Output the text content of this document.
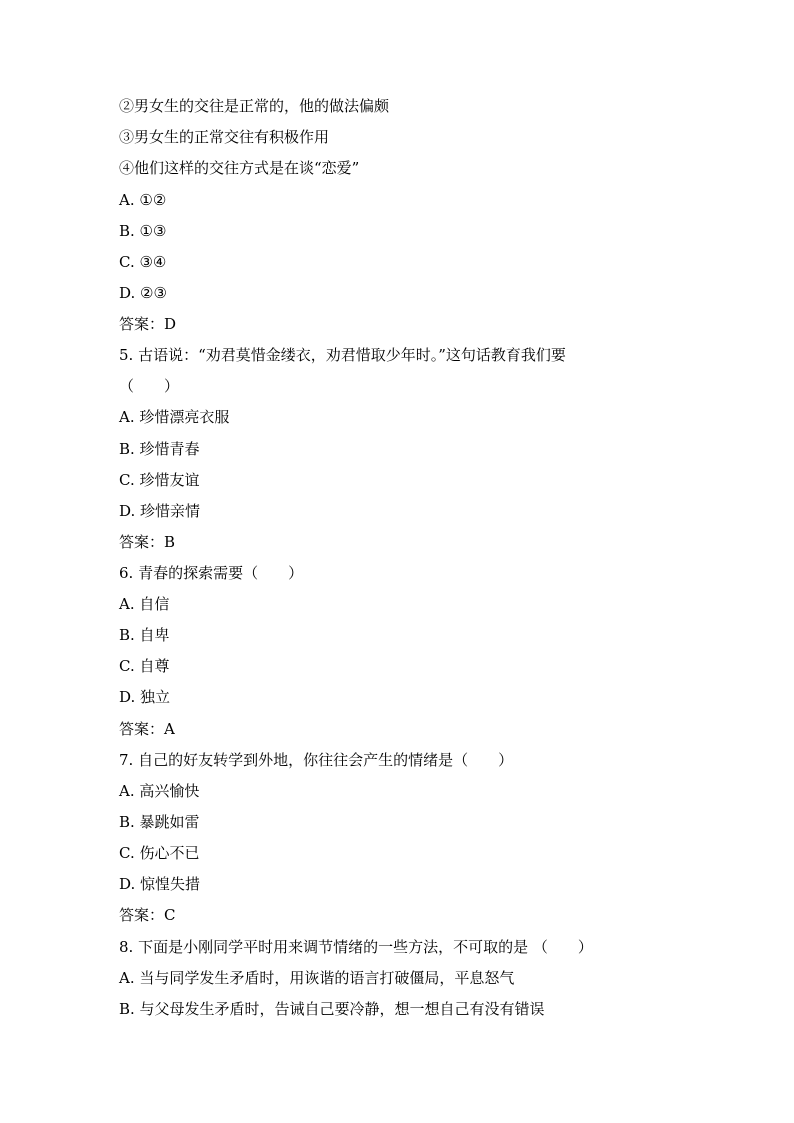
②男女生的交往是正常的，他的做法偏颇
③男女生的正常交往有积极作用
④他们这样的交往方式是在谈“恋爱”
A. ①②
B. ①③
C. ③④
D. ②③
答案：D
5. 古语说：“劝君莫惜金缕衣，劝君惜取少年时。”这句话教育我们要
（　　）
A. 珍惜漂亮衣服
B. 珍惜青春
C. 珍惜友谊
D. 珍惜亲情
答案：B
6. 青春的探索需要（　　）
A. 自信
B. 自卑
C. 自尊
D. 独立
答案：A
7. 自己的好友转学到外地，你往往会产生的情绪是（　　）
A. 高兴愉快
B. 暴跳如雷
C. 伤心不已
D. 惊惶失措
答案：C
8. 下面是小刚同学平时用来调节情绪的一些方法，不可取的是 （　　）
A. 当与同学发生矛盾时，用诙谐的语言打破僵局，平息怒气
B. 与父母发生矛盾时，告诫自己要冷静，想一想自己有没有错误
